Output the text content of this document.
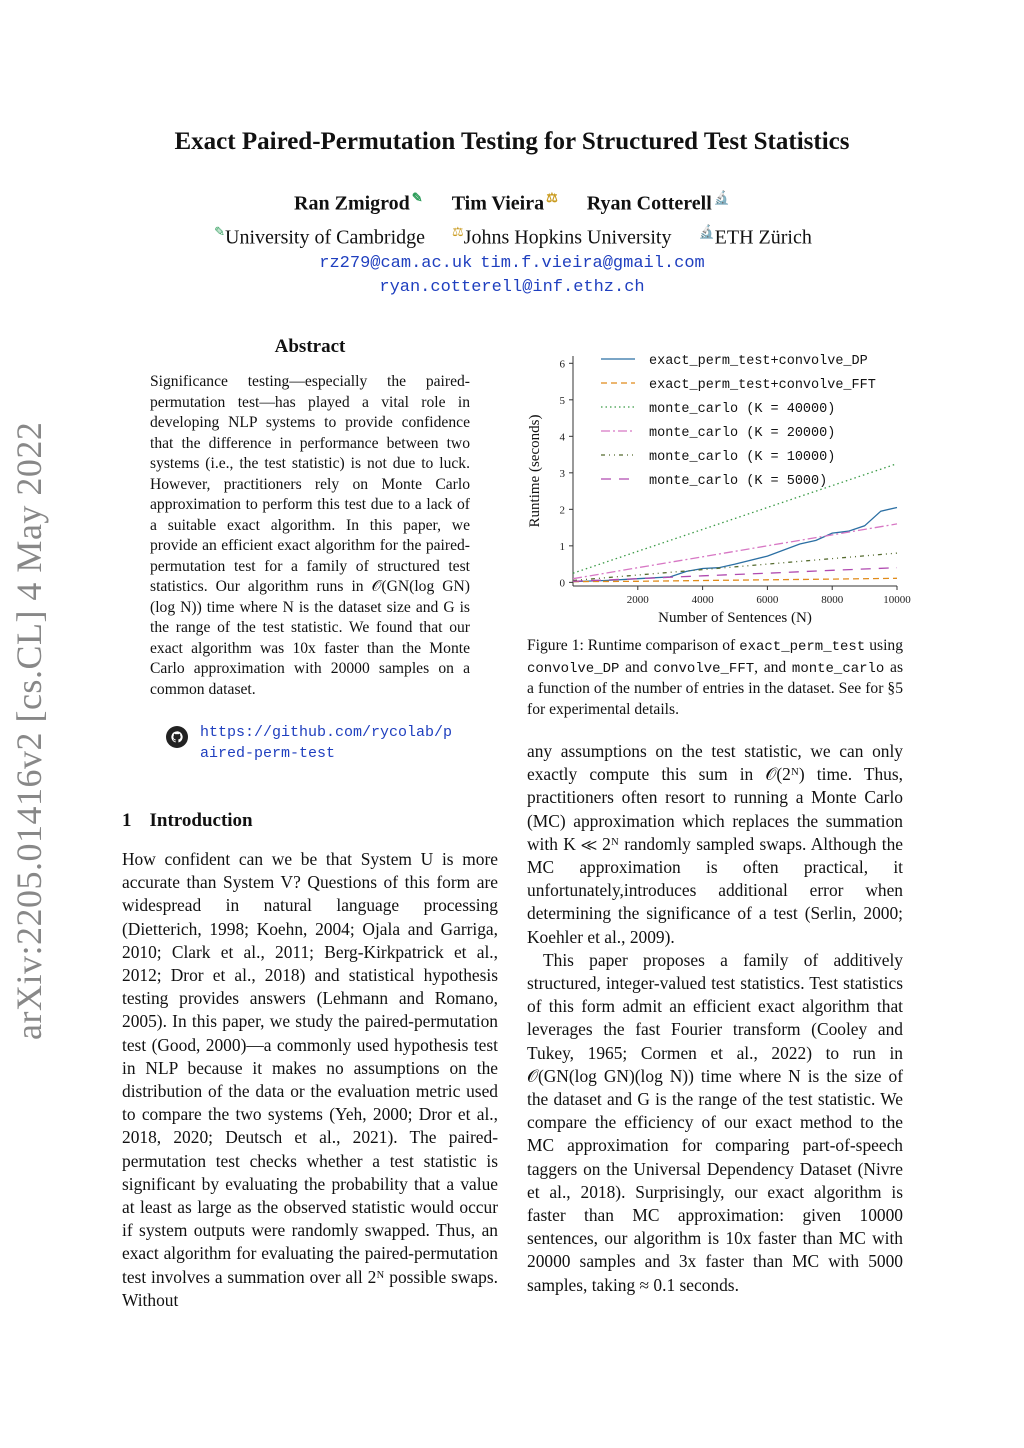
arXiv:2205.01416v2 [cs.CL] 4 May 2022
Exact Paired-Permutation Testing for Structured Test Statistics
Ran Zmigrod ✎ Tim Vieira ⚖ Ryan Cotterell 🔬
✎University of Cambridge ⚖Johns Hopkins University 🔬ETH Zürich
rz279@cam.ac.uk tim.f.vieira@gmail.com
ryan.cotterell@inf.ethz.ch
Abstract

Significance testing—especially the paired-permutation test—has played a vital role in developing NLP systems to provide confidence that the difference in performance between two systems (i.e., the test statistic) is not due to luck. However, practitioners rely on Monte Carlo approximation to perform this test due to a lack of a suitable exact algorithm. In this paper, we provide an efficient exact algorithm for the paired-permutation test for a family of structured test statistics. Our algorithm runs in 𝒪(GN(log GN)(log N)) time where N is the dataset size and G is the range of the test statistic. We found that our exact algorithm was 10x faster than the Monte Carlo approximation with 20000 samples on a common dataset.

https://github.com/rycolab/paired-perm-test
1 Introduction

How confident can we be that System U is more accurate than System V? Questions of this form are widespread in natural language processing (Dietterich, 1998; Koehn, 2004; Ojala and Garriga, 2010; Clark et al., 2011; Berg-Kirkpatrick et al., 2012; Dror et al., 2018) and statistical hypothesis testing provides answers (Lehmann and Romano, 2005). In this paper, we study the paired-permutation test (Good, 2000)—a commonly used hypothesis test in NLP because it makes no assumptions on the distribution of the data or the evaluation metric used to compare the two systems (Yeh, 2000; Dror et al., 2018, 2020; Deutsch et al., 2021). The paired-permutation test checks whether a test statistic is significant by evaluating the probability that a value at least as large as the observed statistic would occur if system outputs were randomly swapped. Thus, an exact algorithm for evaluating the paired-permutation test involves a summation over all 2ᴺ possible swaps. Without

0
1
2
3
4
5
6
2000	4000	6000	8000	10000
Number of Sentences (N)
Runtime (seconds)
exact_perm_test+convolve_DP
exact_perm_test+convolve_FFT
monte_carlo (K = 40000)
monte_carlo (K = 20000)
monte_carlo (K = 10000)
monte_carlo (K = 5000)

Figure 1: Runtime comparison of exact_perm_test using convolve_DP and convolve_FFT, and monte_carlo as a function of the number of entries in the dataset. See for §5 for experimental details.

any assumptions on the test statistic, we can only exactly compute this sum in 𝒪(2ᴺ) time. Thus, practitioners often resort to running a Monte Carlo (MC) approximation which replaces the summation with K ≪ 2ᴺ randomly sampled swaps. Although the MC approximation is often practical, it unfortunately,introduces additional error when determining the significance of a test (Serlin, 2000; Koehler et al., 2009).

This paper proposes a family of additively structured, integer-valued test statistics. Test statistics of this form admit an efficient exact algorithm that leverages the fast Fourier transform (Cooley and Tukey, 1965; Cormen et al., 2022) to run in 𝒪(GN(log GN)(log N)) time where N is the size of the dataset and G is the range of the test statistic. We compare the efficiency of our exact method to the MC approximation for comparing part-of-speech taggers on the Universal Dependency Dataset (Nivre et al., 2018). Surprisingly, our exact algorithm is faster than MC approximation: given 10000 sentences, our algorithm is 10x faster than MC with 20000 samples and 3x faster than MC with 5000 samples, taking ≈ 0.1 seconds.
